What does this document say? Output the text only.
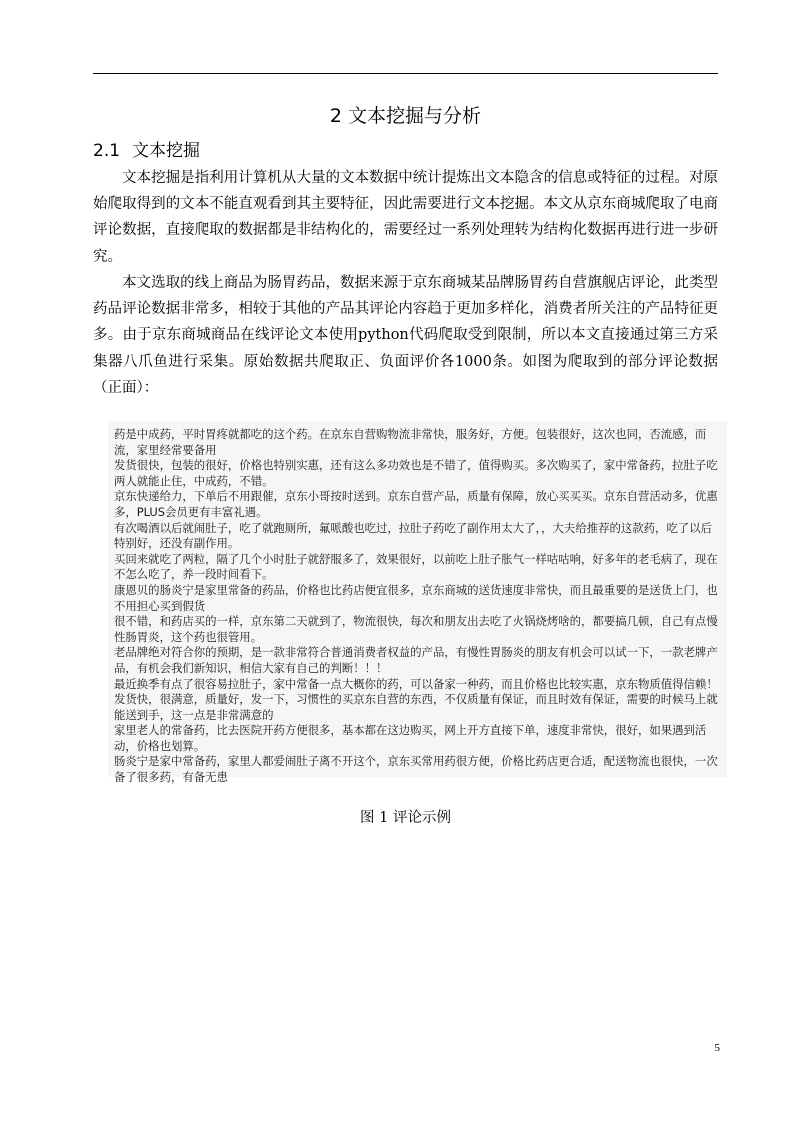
2 文本挖掘与分析
2.1 文本挖掘

文本挖掘是指利用计算机从大量的文本数据中统计提炼出文本隐含的信息或特征的过程。对原始爬取得到的文本不能直观看到其主要特征，因此需要进行文本挖掘。本文从京东商城爬取了电商评论数据，直接爬取的数据都是非结构化的，需要经过一系列处理转为结构化数据再进行进一步研究。

本文选取的线上商品为肠胃药品，数据来源于京东商城某品牌肠胃药自营旗舰店评论，此类型药品评论数据非常多，相较于其他的产品其评论内容趋于更加多样化，消费者所关注的产品特征更多。由于京东商城商品在线评论文本使用python代码爬取受到限制，所以本文直接通过第三方采集器八爪鱼进行采集。原始数据共爬取正、负面评价各1000条。如图为爬取到的部分评论数据（正面）：

药是中成药，平时胃疼就都吃的这个药。在京东自营购物流非常快，服务好，方便。包装很好，这次也同，否流感，而流，家里经常要备用

发货很快，包装的很好，价格也特别实惠，还有这么多功效也是不错了，值得购买。多次购买了，家中常备药，拉肚子吃两人就能止住，中成药，不错。

京东快递给力，下单后不用跟催，京东小哥按时送到。京东自营产品，质量有保障，放心买买买。京东自营活动多，优惠多，PLUS会员更有丰富礼遇。

有次喝酒以后就闹肚子，吃了就跑厕所，氟哌酸也吃过，拉肚子药吃了副作用太大了，，大夫给推荐的这款药，吃了以后特别好，还没有副作用。

买回来就吃了两粒，隔了几个小时肚子就舒服多了，效果很好，以前吃上肚子胀气一样咕咕响，好多年的老毛病了，现在不怎么吃了，养一段时间看下。

康恩贝的肠炎宁是家里常备的药品，价格也比药店便宜很多，京东商城的送货速度非常快，而且最重要的是送货上门，也不用担心买到假货

很不错，和药店买的一样，京东第二天就到了，物流很快，每次和朋友出去吃了火锅烧烤啥的，都要搞几顿，自己有点慢性肠胃炎，这个药也很管用。

老品牌绝对符合你的预期，是一款非常符合普通消费者权益的产品，有慢性胃肠炎的朋友有机会可以试一下，一款老牌产品，有机会我们新知识，相信大家有自己的判断！！！

最近换季有点了很容易拉肚子，家中常备一点大概你的药，可以备家一种药，而且价格也比较实惠，京东物质值得信赖！

发货快，很满意，质量好，发一下，习惯性的买京东自营的东西，不仅质量有保证，而且时效有保证，需要的时候马上就能送到手，这一点是非常满意的

家里老人的常备药，比去医院开药方便很多，基本都在这边购买，网上开方直接下单，速度非常快，很好，如果遇到活动，价格也划算。

肠炎宁是家中常备药，家里人都爱闹肚子离不开这个，京东买常用药很方便，价格比药店更合适，配送物流也很快，一次备了很多药，有备无患

图 1 评论示例
5
